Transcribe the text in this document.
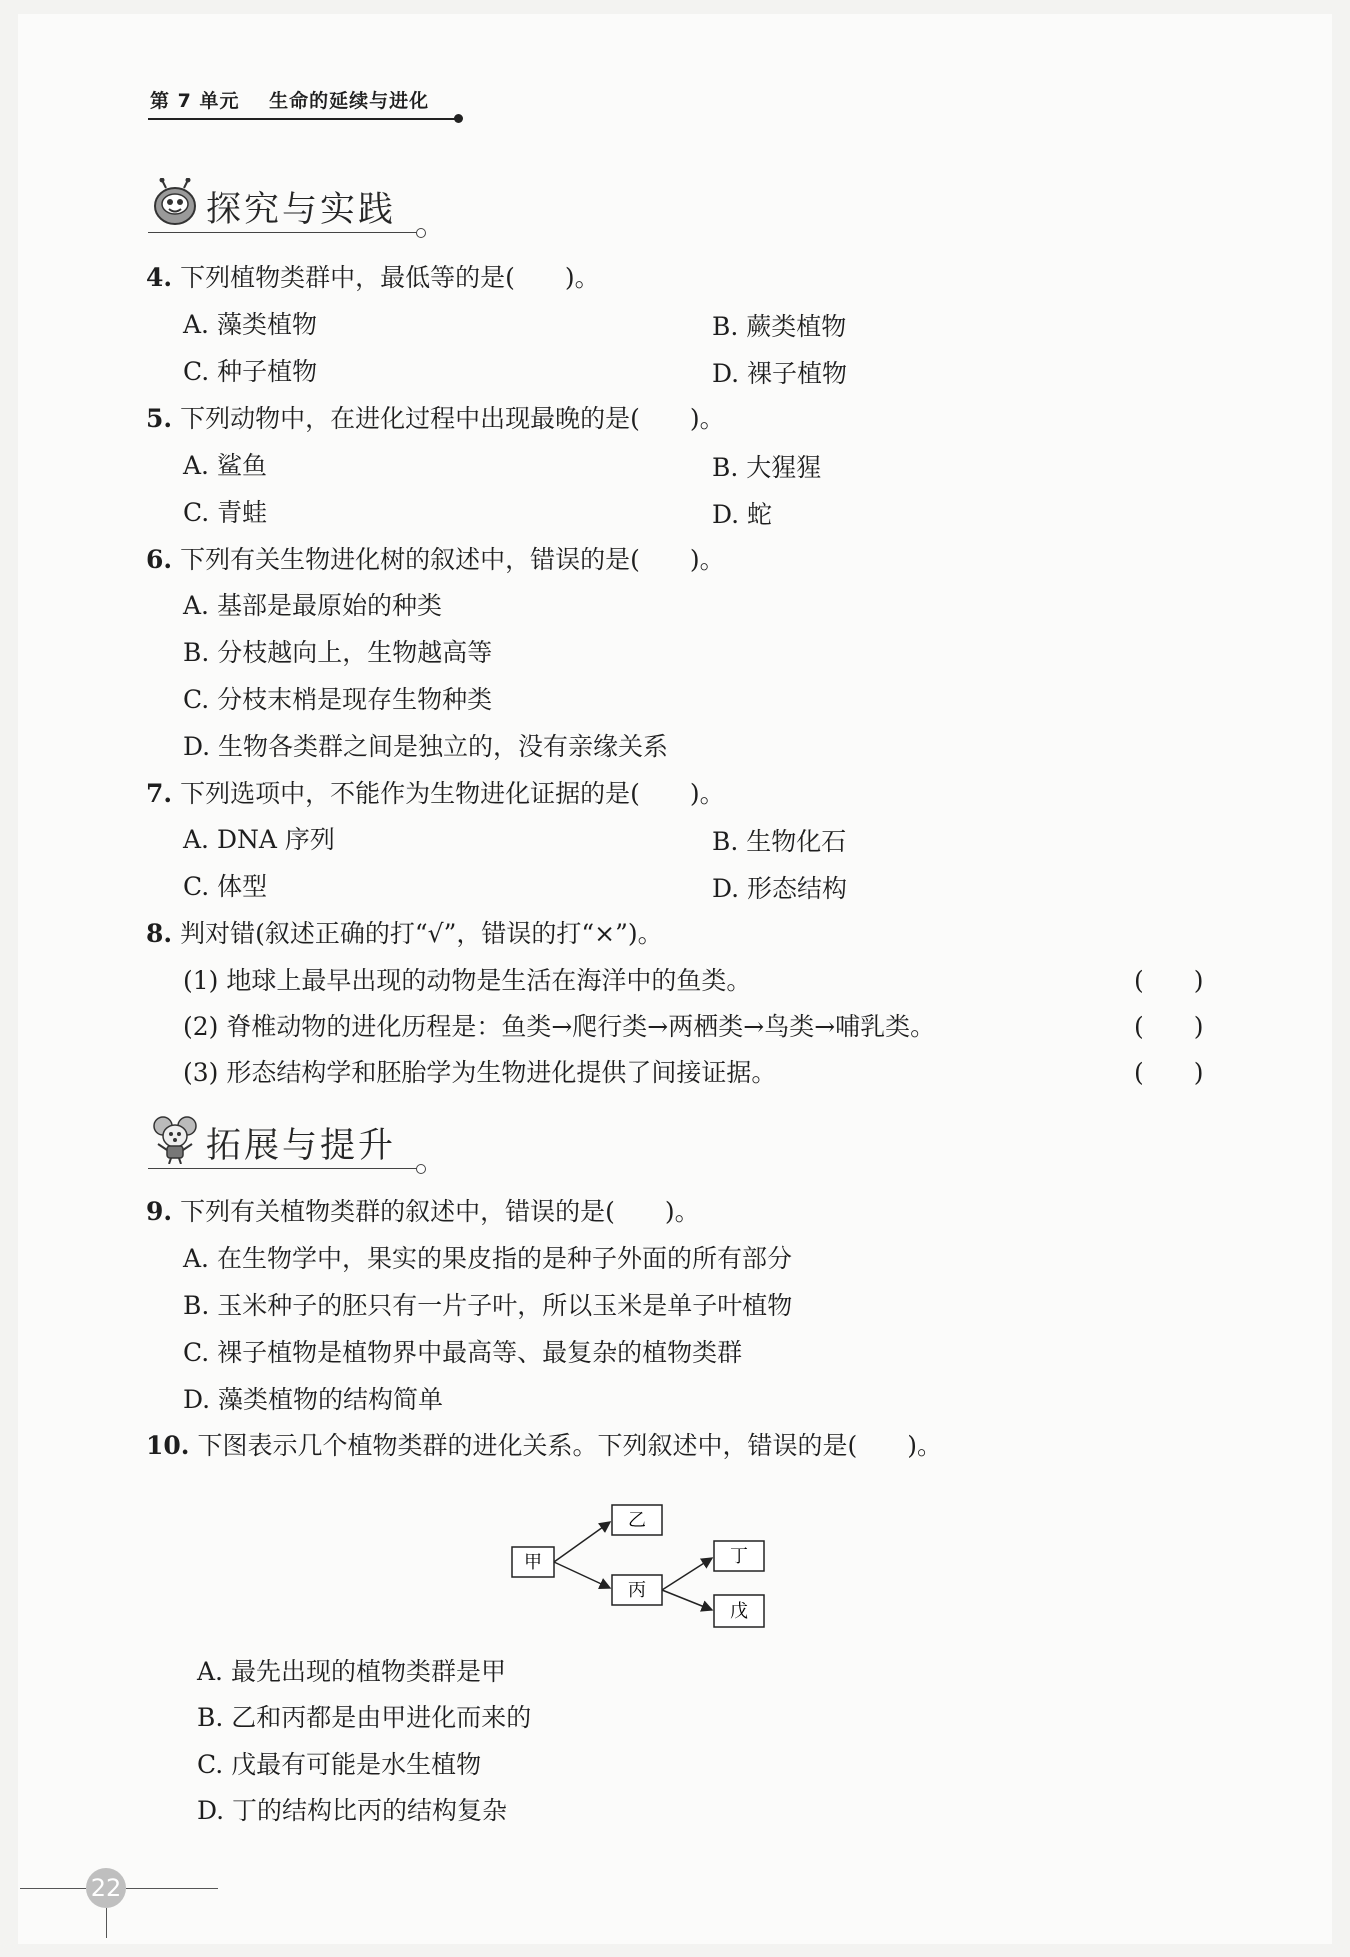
第 7 单元 生命的延续与进化
探究与实践
4. 下列植物类群中，最低等的是(　　)。
A. 藻类植物	B. 蕨类植物
C. 种子植物	D. 裸子植物
5. 下列动物中，在进化过程中出现最晚的是(　　)。
A. 鲨鱼	B. 大猩猩
C. 青蛙	D. 蛇
6. 下列有关生物进化树的叙述中，错误的是(　　)。
A. 基部是最原始的种类
B. 分枝越向上，生物越高等
C. 分枝末梢是现存生物种类
D. 生物各类群之间是独立的，没有亲缘关系
7. 下列选项中，不能作为生物进化证据的是(　　)。
A. DNA 序列	B. 生物化石
C. 体型	D. 形态结构
8. 判对错(叙述正确的打“√”，错误的打“×”)。
(1) 地球上最早出现的动物是生活在海洋中的鱼类。	(　　)
(2) 脊椎动物的进化历程是：鱼类→爬行类→两栖类→鸟类→哺乳类。	(　　)
(3) 形态结构学和胚胎学为生物进化提供了间接证据。	(　　)
拓展与提升
9. 下列有关植物类群的叙述中，错误的是(　　)。
A. 在生物学中，果实的果皮指的是种子外面的所有部分
B. 玉米种子的胚只有一片子叶，所以玉米是单子叶植物
C. 裸子植物是植物界中最高等、最复杂的植物类群
D. 藻类植物的结构简单
10. 下图表示几个植物类群的进化关系。下列叙述中，错误的是(　　)。
甲
乙
丙
丁
戊
A. 最先出现的植物类群是甲
B. 乙和丙都是由甲进化而来的
C. 戊最有可能是水生植物
D. 丁的结构比丙的结构复杂
22
